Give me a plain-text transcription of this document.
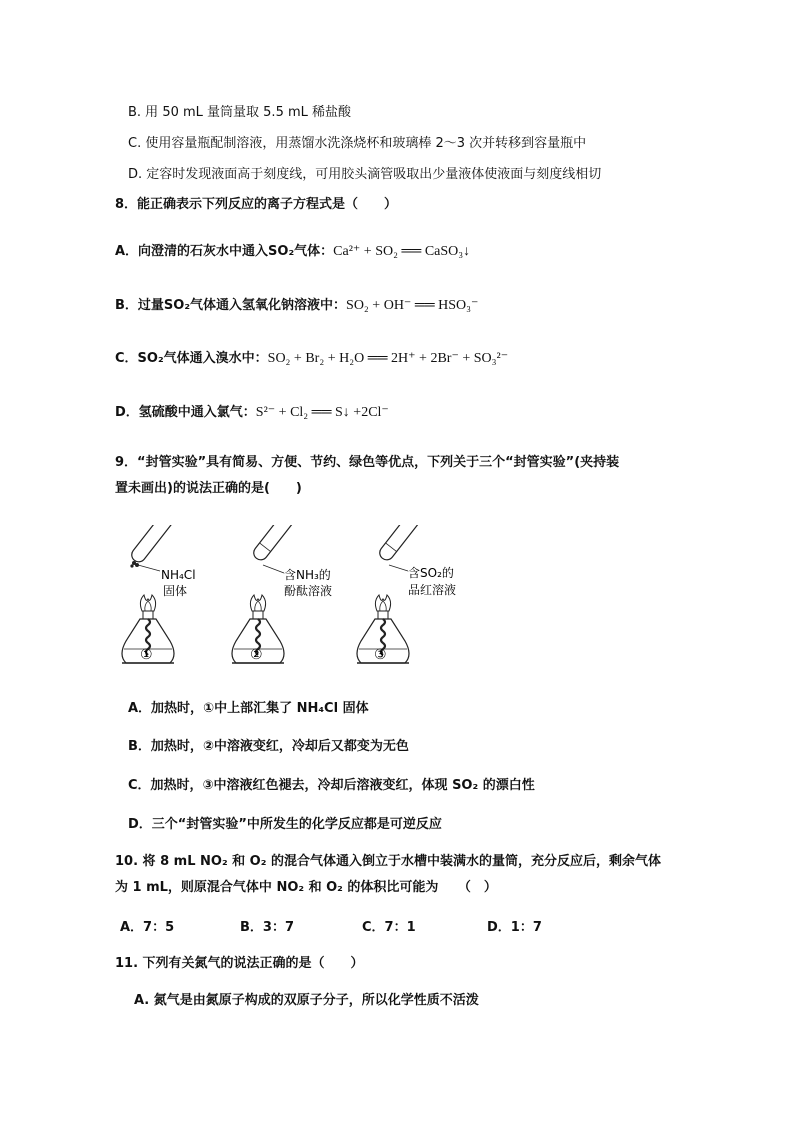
B. 用 50 mL 量筒量取 5.5 mL 稀盐酸
C. 使用容量瓶配制溶液，用蒸馏水洗涤烧杯和玻璃棒 2～3 次并转移到容量瓶中
D. 定容时发现液面高于刻度线，可用胶头滴管吸取出少量液体使液面与刻度线相切
8．能正确表示下列反应的离子方程式是（　　）
A．向澄清的石灰水中通入SO₂气体：Ca²⁺ + SO₂ ══ CaSO₃↓
B．过量SO₂气体通入氢氧化钠溶液中：SO₂ + OH⁻ ══ HSO₃⁻
C．SO₂气体通入溴水中：SO₂ + Br₂ + H₂O ══ 2H⁺ + 2Br⁻ + SO₃²⁻
D．氢硫酸中通入氯气：S²⁻ + Cl₂ ══ S↓ +2Cl⁻
9．“封管实验”具有简易、方便、节约、绿色等优点，下列关于三个“封管实验”(夹持装
置未画出)的说法正确的是(　　)
NH₄Cl
固体
①
含NH₃的
酚酞溶液
②
含SO₂的
品红溶液
③
A．加热时，①中上部汇集了 NH₄Cl 固体
B．加热时，②中溶液变红，冷却后又都变为无色
C．加热时，③中溶液红色褪去，冷却后溶液变红，体现 SO₂ 的漂白性
D．三个“封管实验”中所发生的化学反应都是可逆反应
10. 将 8 mL NO₂ 和 O₂ 的混合气体通入倒立于水槽中装满水的量筒，充分反应后，剩余气体
为 1 mL，则原混合气体中 NO₂ 和 O₂ 的体积比可能为　　（　）
A．7：5	B．3：7	C．7：1	D．1：7
11. 下列有关氮气的说法正确的是（　　）
A. 氮气是由氮原子构成的双原子分子，所以化学性质不活泼
